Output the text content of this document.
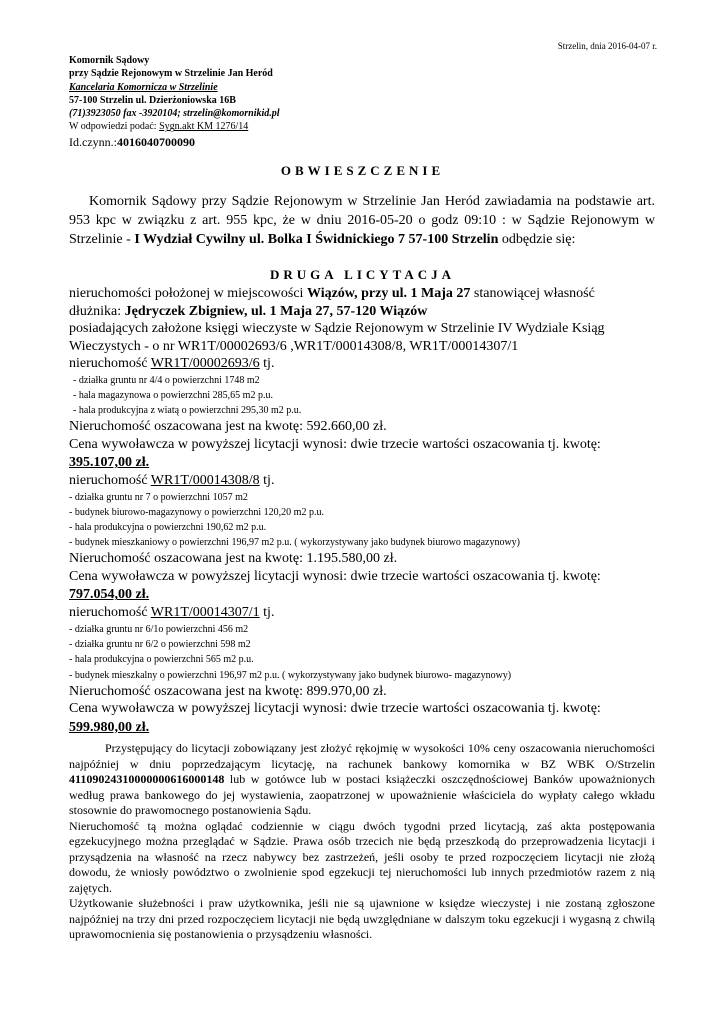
Strzelin, dnia 2016-04-07 r.
Komornik Sądowy
przy Sądzie Rejonowym w Strzelinie Jan Heród
Kancelaria Komornicza w Strzelinie
57-100 Strzelin ul. Dzierżoniowska 16B
(71)3923050 fax -3920104; strzelin@komornikid.pl
W odpowiedzi podać: Sygn.akt KM 1276/14
Id.czynn.:4016040700090
OBWIESZCZENIE

Komornik Sądowy przy Sądzie Rejonowym w Strzelinie Jan Heród zawiadamia na podstawie art. 953 kpc w związku z art. 955 kpc, że w dniu 2016-05-20 o godz 09:10 : w Sądzie Rejonowym w Strzelinie - I Wydział Cywilny ul. Bolka I Świdnickiego 7 57-100 Strzelin odbędzie się:

DRUGA LICYTACJA

nieruchomości położonej w miejscowości Wiązów, przy ul. 1 Maja 27 stanowiącej własność

dłużnika: Jędryczek Zbigniew, ul. 1 Maja 27, 57-120 Wiązów

posiadających założone księgi wieczyste w Sądzie Rejonowym w Strzelinie IV Wydziale Ksiąg

Wieczystych - o nr WR1T/00002693/6 ,WR1T/00014308/8, WR1T/00014307/1

nieruchomość WR1T/00002693/6 tj.

- działka gruntu nr 4/4 o powierzchni 1748 m2

- hala magazynowa o powierzchni 285,65 m2 p.u.

- hala produkcyjna z wiatą o powierzchni 295,30 m2 p.u.

Nieruchomość oszacowana jest na kwotę: 592.660,00 zł.

Cena wywoławcza w powyższej licytacji wynosi: dwie trzecie wartości oszacowania tj. kwotę:

395.107,00 zł.

nieruchomość WR1T/00014308/8 tj.

- działka gruntu nr 7 o powierzchni 1057 m2

- budynek biurowo-magazynowy o powierzchni 120,20 m2 p.u.

- hala produkcyjna o powierzchni 190,62 m2 p.u.

- budynek mieszkaniowy o powierzchni 196,97 m2 p.u. ( wykorzystywany jako budynek biurowo magazynowy)

Nieruchomość oszacowana jest na kwotę: 1.195.580,00 zł.

Cena wywoławcza w powyższej licytacji wynosi: dwie trzecie wartości oszacowania tj. kwotę:

797.054,00 zł.

nieruchomość WR1T/00014307/1 tj.

- działka gruntu nr 6/1o powierzchni 456 m2

- działka gruntu nr 6/2 o powierzchni 598 m2

- hala produkcyjna o powierzchni 565 m2 p.u.

- budynek mieszkalny o powierzchni 196,97 m2 p.u. ( wykorzystywany jako budynek biurowo- magazynowy)

Nieruchomość oszacowana jest na kwotę: 899.970,00 zł.

Cena wywoławcza w powyższej licytacji wynosi: dwie trzecie wartości oszacowania tj. kwotę:

599.980,00 zł.

Przystępujący do licytacji zobowiązany jest złożyć rękojmię w wysokości 10% ceny oszacowania nieruchomości najpóźniej w dniu poprzedzającym licytację, na rachunek bankowy komornika w BZ WBK O/Strzelin 41109024310000000616000148 lub w gotówce lub w postaci książeczki oszczędnościowej Banków upoważnionych według prawa bankowego do jej wystawienia, zaopatrzonej w upoważnienie właściciela do wypłaty całego wkładu stosownie do prawomocnego postanowienia Sądu.

Nieruchomość tą można oglądać codziennie w ciągu dwóch tygodni przed licytacją, zaś akta postępowania egzekucyjnego można przeglądać w Sądzie. Prawa osób trzecich nie będą przeszkodą do przeprowadzenia licytacji i przysądzenia na własność na rzecz nabywcy bez zastrzeżeń, jeśli osoby te przed rozpoczęciem licytacji nie złożą dowodu, że wniosły powództwo o zwolnienie spod egzekucji tej nieruchomości lub innych przedmiotów razem z nią zajętych.

Użytkowanie służebności i praw użytkownika, jeśli nie są ujawnione w księdze wieczystej i nie zostaną zgłoszone najpóźniej na trzy dni przed rozpoczęciem licytacji nie będą uwzględniane w dalszym toku egzekucji i wygasną z chwilą uprawomocnienia się postanowienia o przysądzeniu własności.
